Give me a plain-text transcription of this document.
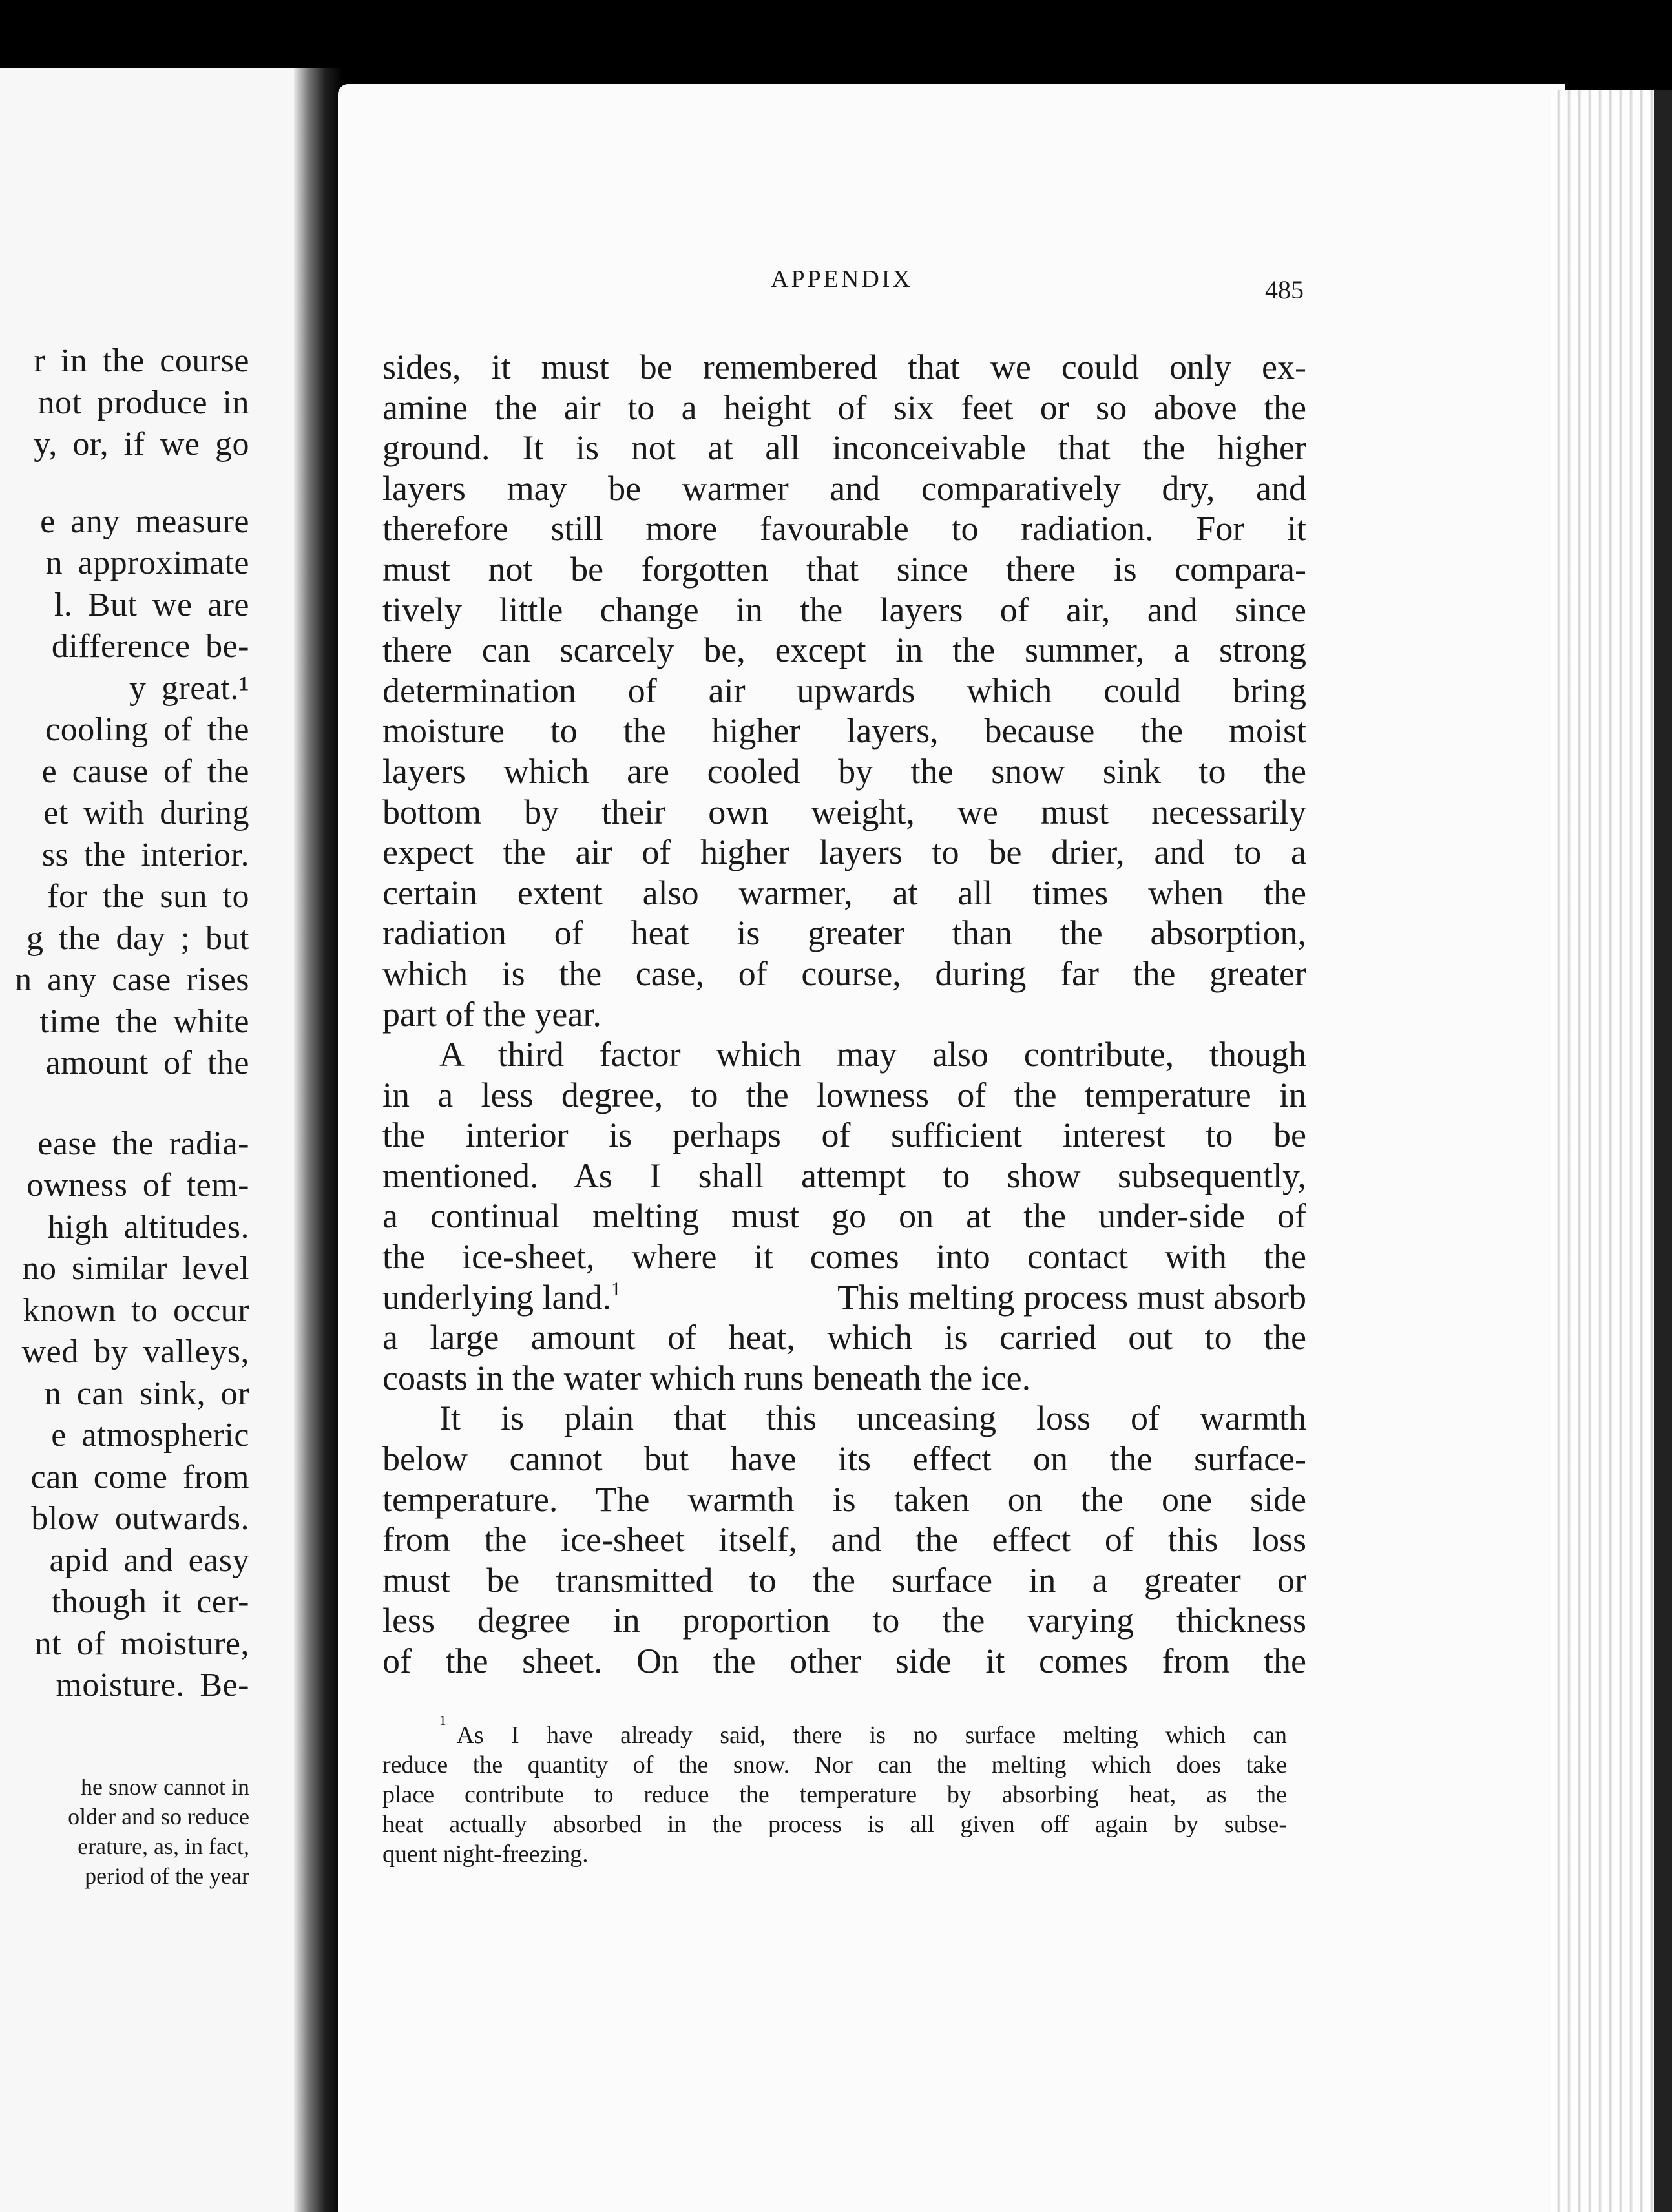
r in the course
not produce in
y, or, if we go
e any measure
n approximate
l. But we are
difference be-
y great.¹
cooling of the
e cause of the
et with during
ss the interior.
for the sun to
g the day ; but
n any case rises
time the white
amount of the
ease the radia-
owness of tem-
high altitudes.
no similar level
known to occur
wed by valleys,
n can sink, or
e atmospheric
can come from
blow outwards.
apid and easy
though it cer-
nt of moisture,
moisture. Be-
he snow cannot in
older and so reduce
erature, as, in fact,
period of the year
APPENDIX	485
sides, it must be remembered that we could only ex-
amine the air to a height of six feet or so above the
ground. It is not at all inconceivable that the higher
layers may be warmer and comparatively dry, and
therefore still more favourable to radiation. For it
must not be forgotten that since there is compara-
tively little change in the layers of air, and since
there can scarcely be, except in the summer, a strong
determination of air upwards which could bring
moisture to the higher layers, because the moist
layers which are cooled by the snow sink to the
bottom by their own weight, we must necessarily
expect the air of higher layers to be drier, and to a
certain extent also warmer, at all times when the
radiation of heat is greater than the absorption,
which is the case, of course, during far the greater
part of the year.
A third factor which may also contribute, though
in a less degree, to the lowness of the temperature in
the interior is perhaps of sufficient interest to be
mentioned. As I shall attempt to show subsequently,
a continual melting must go on at the under-side of
the ice-sheet, where it comes into contact with the
underlying land.$^1$	This melting process must absorb
a large amount of heat, which is carried out to the
coasts in the water which runs beneath the ice.
It is plain that this unceasing loss of warmth
below cannot but have its effect on the surface-
temperature. The warmth is taken on the one side
from the ice-sheet itself, and the effect of this loss
must be transmitted to the surface in a greater or
less degree in proportion to the varying thickness
of the sheet. On the other side it comes from the
1
As I have already said, there is no surface melting which can
reduce the quantity of the snow. Nor can the melting which does take
place contribute to reduce the temperature by absorbing heat, as the
heat actually absorbed in the process is all given off again by subse-
quent night-freezing.
